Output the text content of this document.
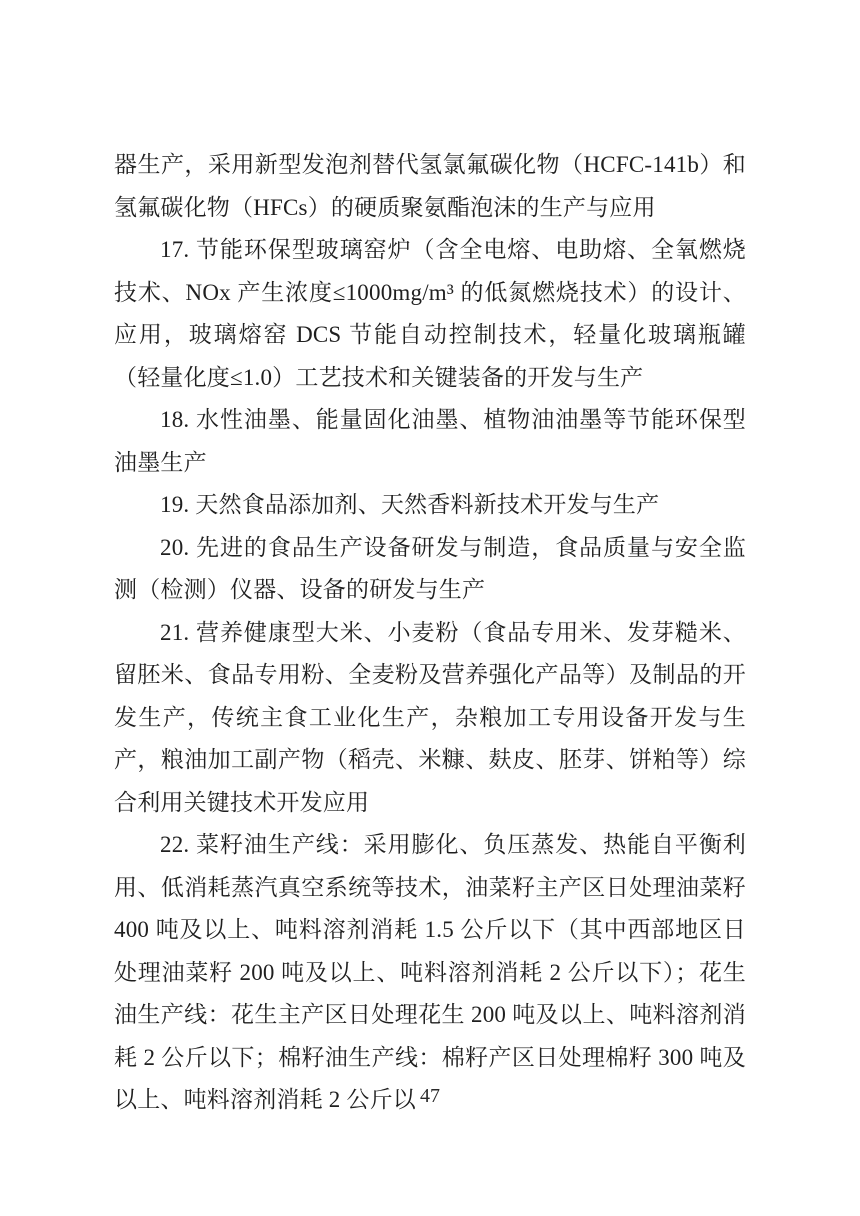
器生产，采用新型发泡剂替代氢氯氟碳化物（HCFC-141b）和氢氟碳化物（HFCs）的硬质聚氨酯泡沫的生产与应用

17. 节能环保型玻璃窑炉（含全电熔、电助熔、全氧燃烧技术、NOx 产生浓度≤1000mg/m³ 的低氮燃烧技术）的设计、应用，玻璃熔窑 DCS 节能自动控制技术，轻量化玻璃瓶罐（轻量化度≤1.0）工艺技术和关键装备的开发与生产

18. 水性油墨、能量固化油墨、植物油油墨等节能环保型油墨生产

19. 天然食品添加剂、天然香料新技术开发与生产

20. 先进的食品生产设备研发与制造，食品质量与安全监测（检测）仪器、设备的研发与生产

21. 营养健康型大米、小麦粉（食品专用米、发芽糙米、留胚米、食品专用粉、全麦粉及营养强化产品等）及制品的开发生产，传统主食工业化生产，杂粮加工专用设备开发与生产，粮油加工副产物（稻壳、米糠、麸皮、胚芽、饼粕等）综合利用关键技术开发应用

22. 菜籽油生产线：采用膨化、负压蒸发、热能自平衡利用、低消耗蒸汽真空系统等技术，油菜籽主产区日处理油菜籽 400 吨及以上、吨料溶剂消耗 1.5 公斤以下（其中西部地区日处理油菜籽 200 吨及以上、吨料溶剂消耗 2 公斤以下）；花生油生产线：花生主产区日处理花生 200 吨及以上、吨料溶剂消耗 2 公斤以下；棉籽油生产线：棉籽产区日处理棉籽 300 吨及以上、吨料溶剂消耗 2 公斤以 47
